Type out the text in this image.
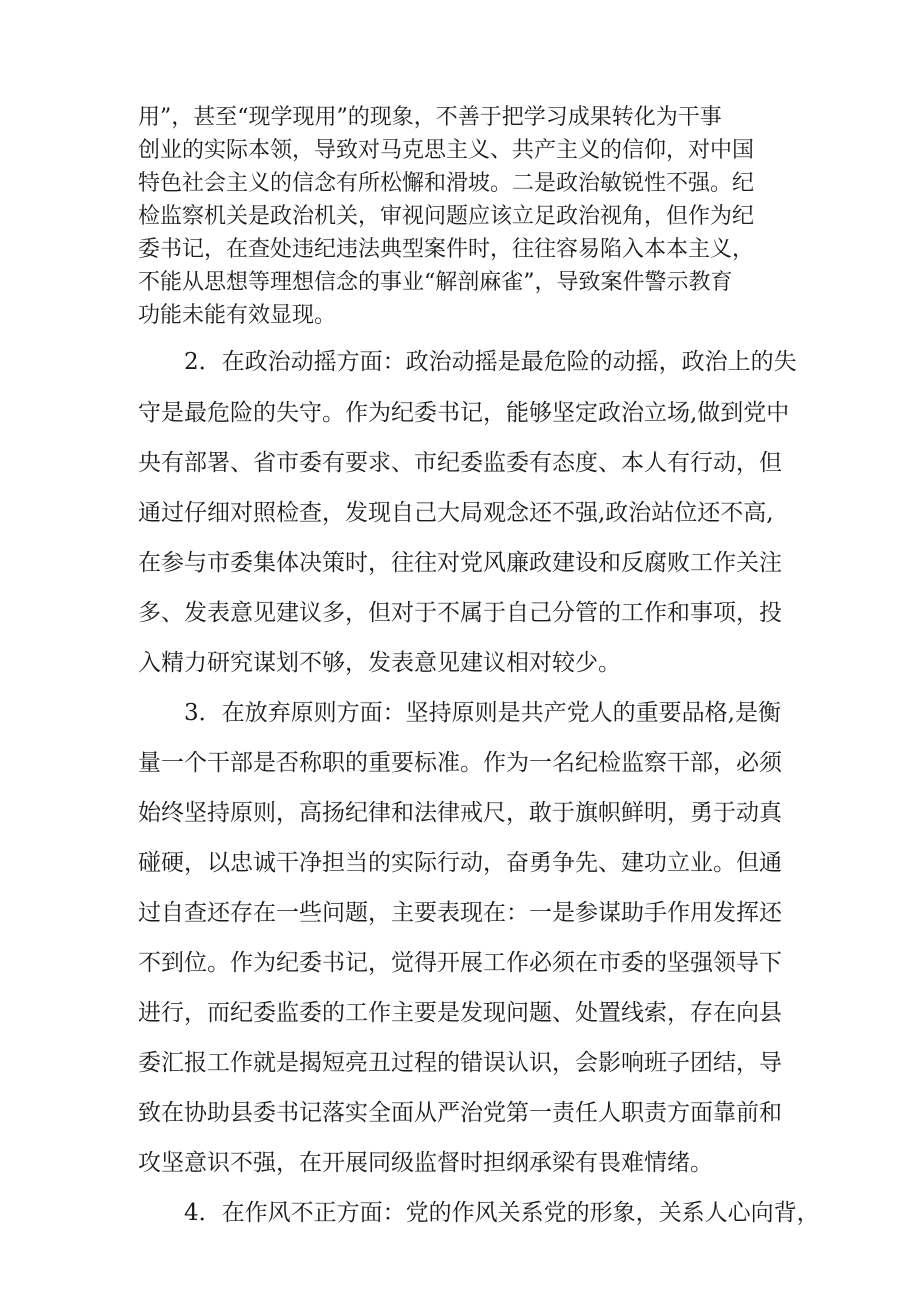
用”，甚至“现学现用”的现象，不善于把学习成果转化为干事

创业的实际本领，导致对马克思主义、共产主义的信仰，对中国

特色社会主义的信念有所松懈和滑坡。二是政治敏锐性不强。纪

检监察机关是政治机关，审视问题应该立足政治视角，但作为纪

委书记，在查处违纪违法典型案件时，往往容易陷入本本主义，

不能从思想等理想信念的事业“解剖麻雀”，导致案件警示教育

功能未能有效显现。

2．在政治动摇方面：政治动摇是最危险的动摇，政治上的失

守是最危险的失守。作为纪委书记，能够坚定政治立场,做到党中

央有部署、省市委有要求、市纪委监委有态度、本人有行动，但

通过仔细对照检查，发现自己大局观念还不强,政治站位还不高,

在参与市委集体决策时，往往对党风廉政建设和反腐败工作关注

多、发表意见建议多，但对于不属于自己分管的工作和事项，投

入精力研究谋划不够，发表意见建议相对较少。

3．在放弃原则方面：坚持原则是共产党人的重要品格,是衡

量一个干部是否称职的重要标准。作为一名纪检监察干部，必须

始终坚持原则，高扬纪律和法律戒尺，敢于旗帜鲜明，勇于动真

碰硬，以忠诚干净担当的实际行动，奋勇争先、建功立业。但通

过自查还存在一些问题，主要表现在：一是参谋助手作用发挥还

不到位。作为纪委书记，觉得开展工作必须在市委的坚强领导下

进行，而纪委监委的工作主要是发现问题、处置线索，存在向县

委汇报工作就是揭短亮丑过程的错误认识，会影响班子团结，导

致在协助县委书记落实全面从严治党第一责任人职责方面靠前和

攻坚意识不强，在开展同级监督时担纲承梁有畏难情绪。

4．在作风不正方面：党的作风关系党的形象，关系人心向背，
